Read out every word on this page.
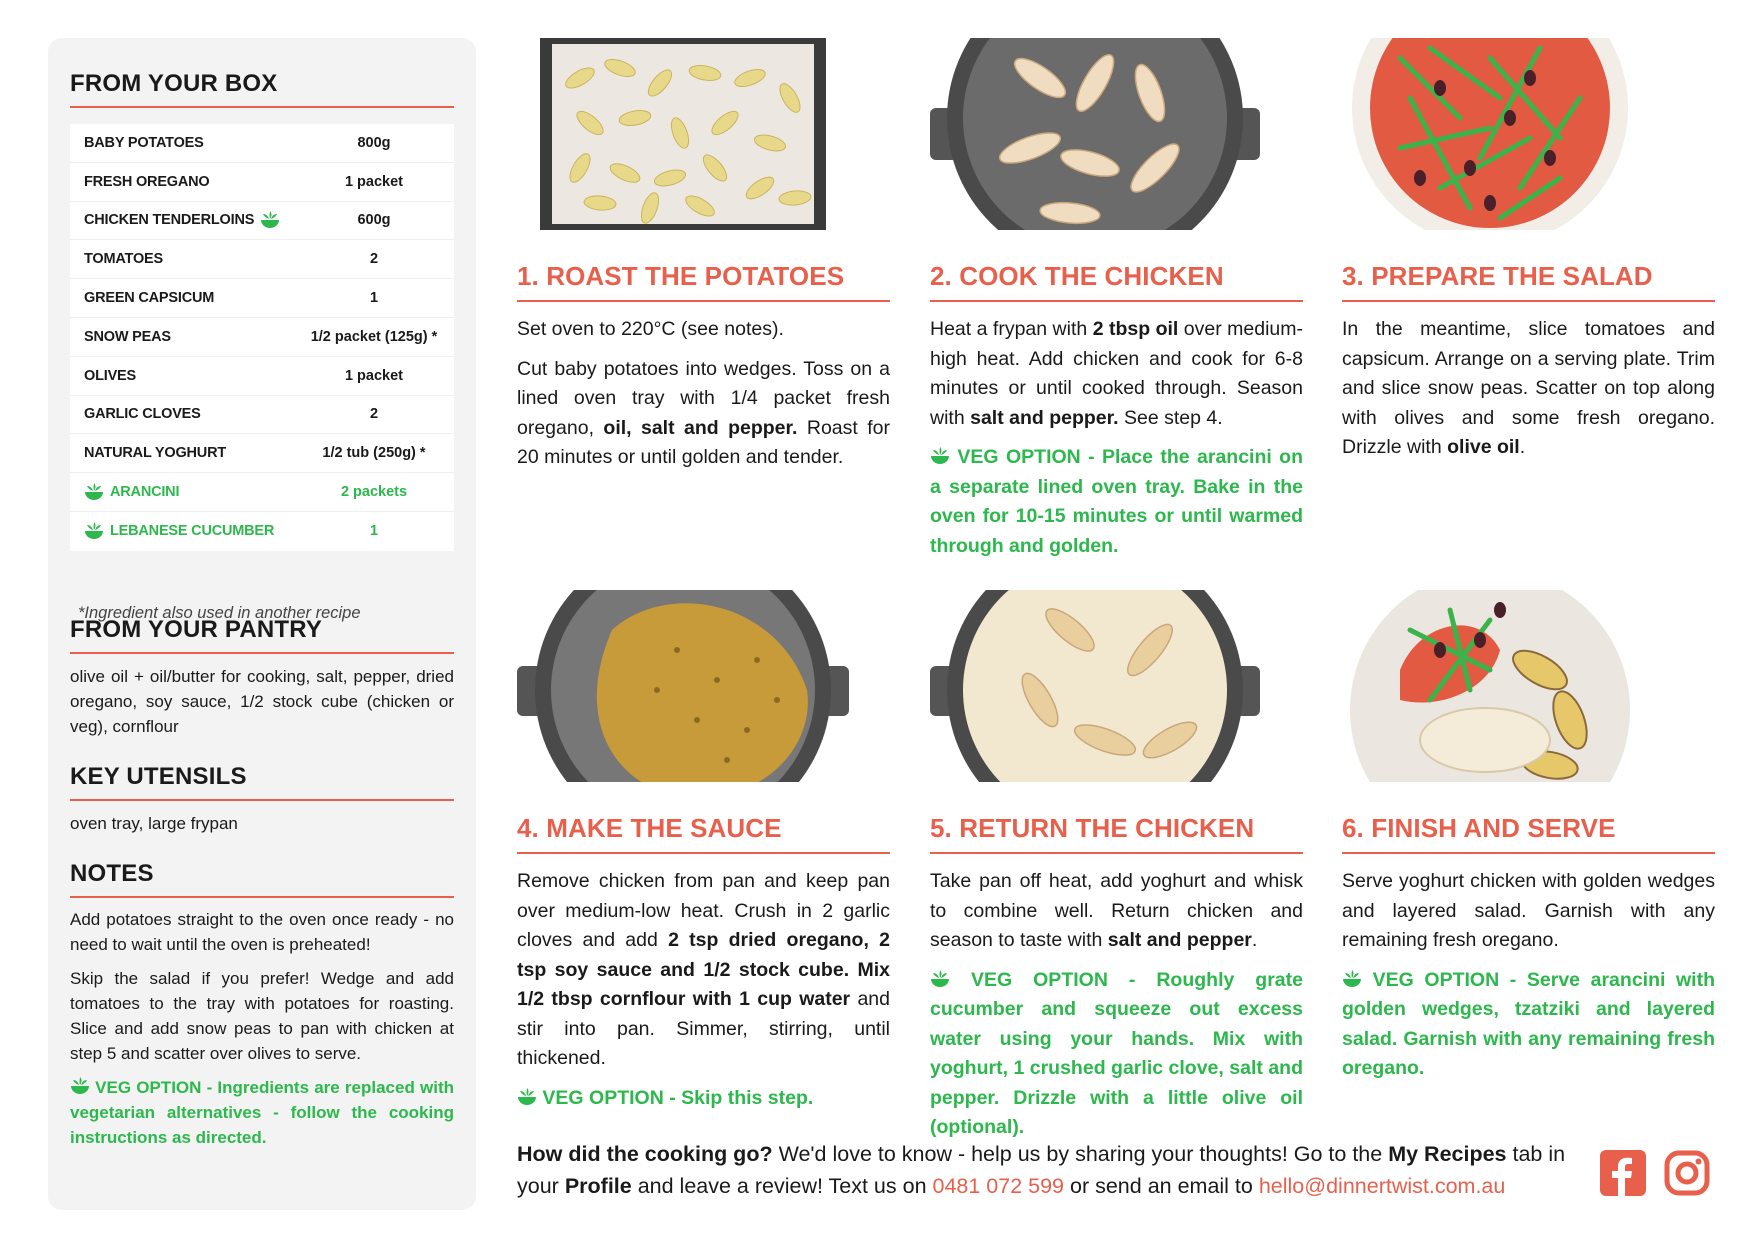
FROM YOUR BOX
BABY POTATOES	800g
FRESH OREGANO	1 packet
CHICKEN TENDERLOINS	600g
TOMATOES	2
GREEN CAPSICUM	1
SNOW PEAS	1/2 packet (125g) *
OLIVES	1 packet
GARLIC CLOVES	2
NATURAL YOGHURT	1/2 tub (250g) *
ARANCINI	2 packets
LEBANESE CUCUMBER	1
*Ingredient also used in another recipe
FROM YOUR PANTRY
olive oil + oil/butter for cooking, salt, pepper, dried oregano, soy sauce, 1/2 stock cube (chicken or veg), cornflour
KEY UTENSILS
oven tray, large frypan
NOTES

Add potatoes straight to the oven once ready - no need to wait until the oven is preheated!

Skip the salad if you prefer! Wedge and add tomatoes to the tray with potatoes for roasting. Slice and add snow peas to pan with chicken at step 5 and scatter over olives to serve.

VEG OPTION - Ingredients are replaced with vegetarian alternatives - follow the cooking instructions as directed.

1. ROAST THE POTATOES

Set oven to 220°C (see notes).

Cut baby potatoes into wedges. Toss on a lined oven tray with 1/4 packet fresh oregano, oil, salt and pepper. Roast for 20 minutes or until golden and tender.

2. COOK THE CHICKEN

Heat a frypan with 2 tbsp oil over medium-high heat. Add chicken and cook for 6-8 minutes or until cooked through. Season with salt and pepper. See step 4.

VEG OPTION - Place the arancini on a separate lined oven tray. Bake in the oven for 10-15 minutes or until warmed through and golden.

3. PREPARE THE SALAD

In the meantime, slice tomatoes and capsicum. Arrange on a serving plate. Trim and slice snow peas. Scatter on top along with olives and some fresh oregano. Drizzle with olive oil.

4. MAKE THE SAUCE

Remove chicken from pan and keep pan over medium-low heat. Crush in 2 garlic cloves and add 2 tsp dried oregano, 2 tsp soy sauce and 1/2 stock cube. Mix 1/2 tbsp cornflour with 1 cup water and stir into pan. Simmer, stirring, until thickened.

VEG OPTION - Skip this step.

5. RETURN THE CHICKEN

Take pan off heat, add yoghurt and whisk to combine well. Return chicken and season to taste with salt and pepper.

VEG OPTION - Roughly grate cucumber and squeeze out excess water using your hands. Mix with yoghurt, 1 crushed garlic clove, salt and pepper. Drizzle with a little olive oil (optional).

6. FINISH AND SERVE

Serve yoghurt chicken with golden wedges and layered salad. Garnish with any remaining fresh oregano.

VEG OPTION - Serve arancini with golden wedges, tzatziki and layered salad. Garnish with any remaining fresh oregano.

How did the cooking go? We'd love to know - help us by sharing your thoughts! Go to the My Recipes tab in your Profile and leave a review! Text us on 0481 072 599 or send an email to hello@dinnertwist.com.au
